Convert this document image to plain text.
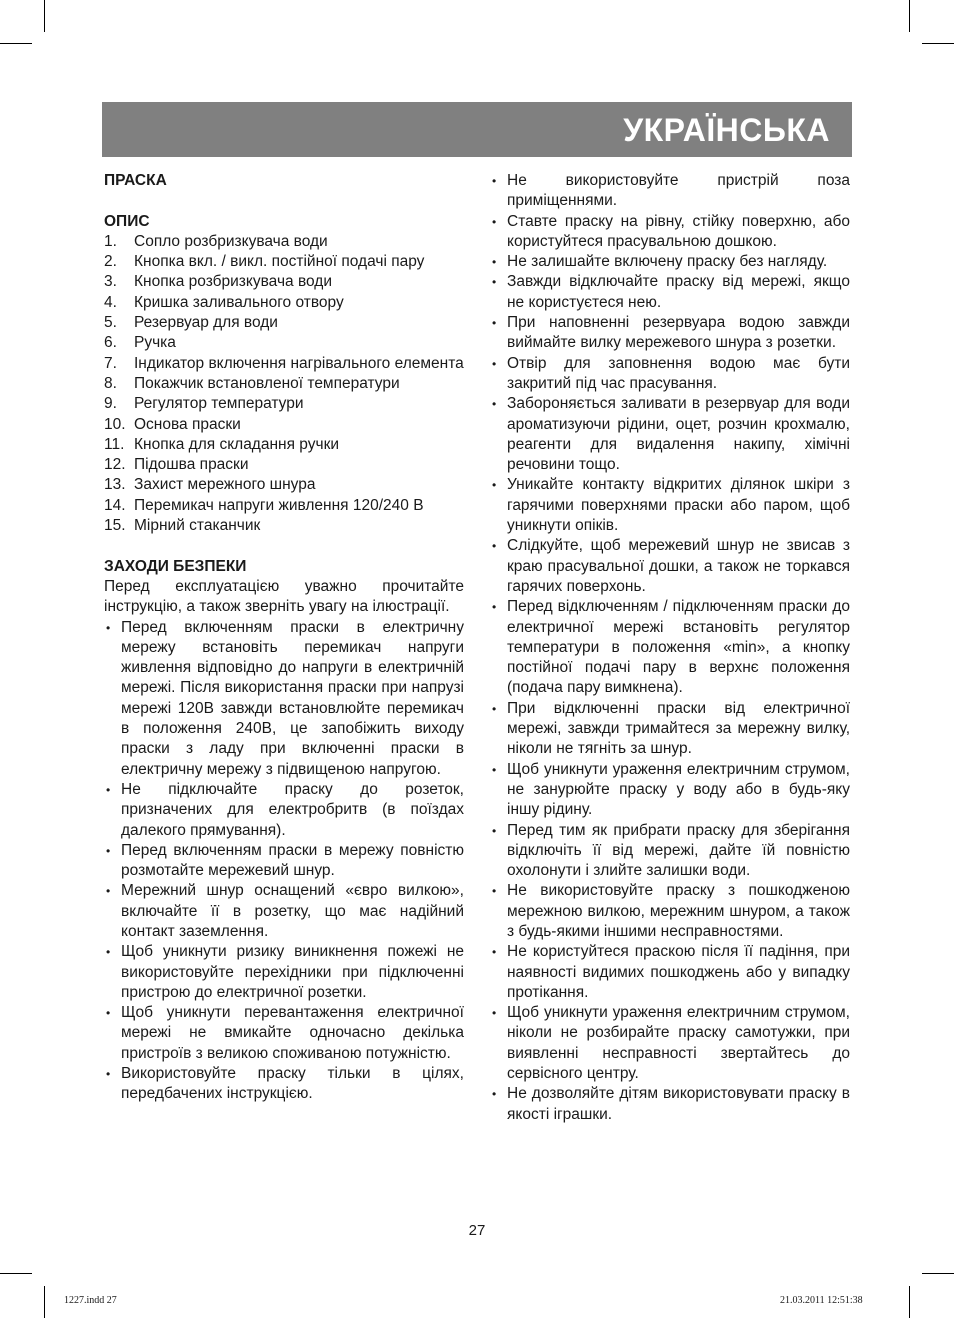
УКРАЇНСЬКА

ПРАСКА

ОПИС

1.	Сопло розбризкувача води
2.	Кнопка вкл. / викл. постійної подачі пару
3.	Кнопка розбризкувача води
4.	Кришка заливального отвору
5.	Резервуар для води
6.	Ручка
7.	Індикатор включення нагрівального елемента
8.	Покажчик встановленої температури
9.	Регулятор температури
10. Основа праски
11. Кнопка для складання ручки
12. Підошва праски
13. Захист мережного шнура
14. Перемикач напруги живлення 120/240 В
15. Мірний стаканчик

ЗАХОДИ БЕЗПЕКИ

Перед експлуатацією уважно прочитайте інструкцію, а також зверніть увагу на ілюстрації.

• Перед включенням праски в електричну мережу встановіть перемикач напруги живлення відповідно до напруги в електричній мережі. Після використання праски при напрузі мережі 120В завжди встановлюйте перемикач в положення 240В, це запобіжить виходу праски з ладу при включенні праски в електричну мережу з підвищеною напругою.
• Не підключайте праску до розеток, призначених для електробритв (в поїздах далекого прямування).
• Перед включенням праски в мережу повністю розмотайте мережевий шнур.
• Мережний шнур оснащений «євро вилкою», включайте її в розетку, що має надійний контакт заземлення.
• Щоб уникнути ризику виникнення пожежі не використовуйте перехідники при підключенні пристрою до електричної розетки.
• Щоб уникнути перевантаження електричної мережі не вмикайте одночасно декілька пристроїв з великою споживаною потужністю.
• Використовуйте праску тільки в цілях, передбачених інструкцією.
• Не використовуйте пристрій поза приміщеннями.
• Ставте праску на рівну, стійку поверхню, або користуйтеся прасувальною дошкою.
• Не залишайте включену праску без нагляду.
• Завжди відключайте праску від мережі, якщо не користуєтеся нею.
• При наповненні резервуара водою завжди виймайте вилку мережевого шнура з розетки.
• Отвір для заповнення водою має бути закритий під час прасування.
• Забороняється заливати в резервуар для води ароматизуючи рідини, оцет, розчин крохмалю, реагенти для видалення накипу, хімічні речовини тощо.
• Уникайте контакту відкритих ділянок шкіри з гарячими поверхнями праски або паром, щоб уникнути опіків.
• Слідкуйте, щоб мережевий шнур не звисав з краю прасувальної дошки, а також не торкався гарячих поверхонь.
• Перед відключенням / підключенням праски до електричної мережі встановіть регулятор температури в положення «min», а кнопку постійної подачі пару в верхнє положення (подача пару вимкнена).
• При відключенні праски від електричної мережі, завжди тримайтеся за мережну вилку, ніколи не тягніть за шнур.
• Щоб уникнути ураження електричним струмом, не занурюйте праску у воду або в будь-яку іншу рідину.
• Перед тим як прибрати праску для зберігання відключіть її від мережі, дайте їй повністю охолонути і злийте залишки води.
• Не використовуйте праску з пошкодженою мережною вилкою, мережним шнуром, а також з будь-якими іншими несправностями.
• Не користуйтеся праскою після її падіння, при наявності видимих пошкоджень або у випадку протікання.
• Щоб уникнути ураження електричним струмом, ніколи не розбирайте праску самотужки, при виявленні несправності звертайтесь до сервісного центру.
• Не дозволяйте дітям використовувати праску в якості іграшки.
27
1227.indd 27	21.03.2011 12:51:38
